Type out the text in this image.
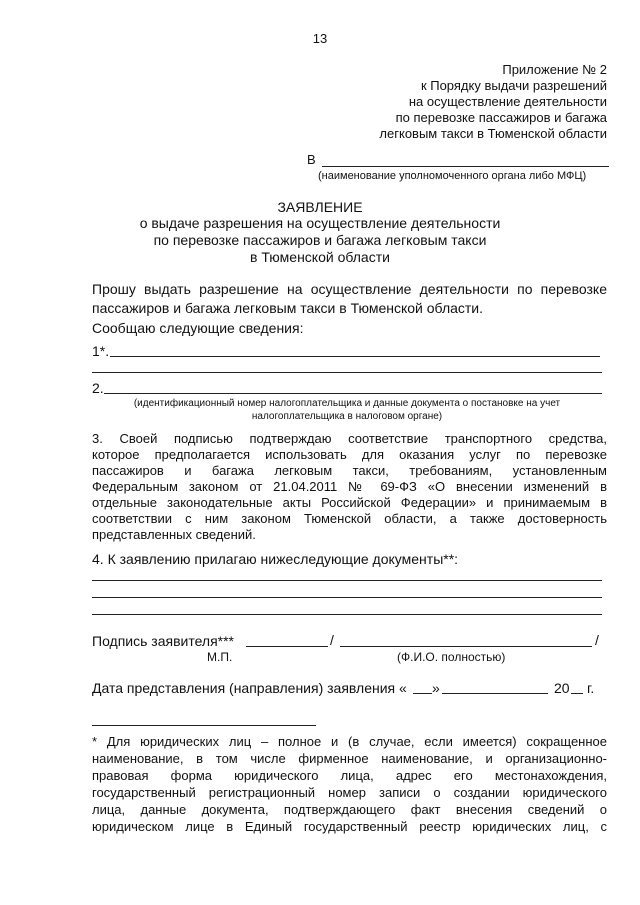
13
Приложение № 2
к Порядку выдачи разрешений
на осуществление деятельности
по перевозке пассажиров и багажа
легковым такси в Тюменской области
В
(наименование уполномоченного органа либо МФЦ)
ЗАЯВЛЕНИЕ
о выдаче разрешения на осуществление деятельности
по перевозке пассажиров и багажа легковым такси
в Тюменской области
Прошу выдать разрешение на осуществление деятельности по перевозке
пассажиров и багажа легковым такси в Тюменской области.
Сообщаю следующие сведения:
1*.
2.
(идентификационный номер налогоплательщика и данные документа о постановке на учет
налогоплательщика в налоговом органе)
3. Своей подписью подтверждаю соответствие транспортного средства,
которое предполагается использовать для оказания услуг по перевозке
пассажиров и багажа легковым такси, требованиям, установленным
Федеральным законом от 21.04.2011 № 69-ФЗ «О внесении изменений в
отдельные законодательные акты Российской Федерации» и принимаемым в
соответствии с ним законом Тюменской области, а также достоверность
представленных сведений.
4. К заявлению прилагаю нижеследующие документы**:
Подпись заявителя***	/	/
М.П.	(Ф.И.О. полностью)
Дата представления (направления) заявления « »	20 г.
* Для юридических лиц – полное и (в случае, если имеется) сокращенное
наименование, в том числе фирменное наименование, и организационно-
правовая форма юридического лица, адрес его местонахождения,
государственный регистрационный номер записи о создании юридического
лица, данные документа, подтверждающего факт внесения сведений о
юридическом лице в Единый государственный реестр юридических лиц, с
